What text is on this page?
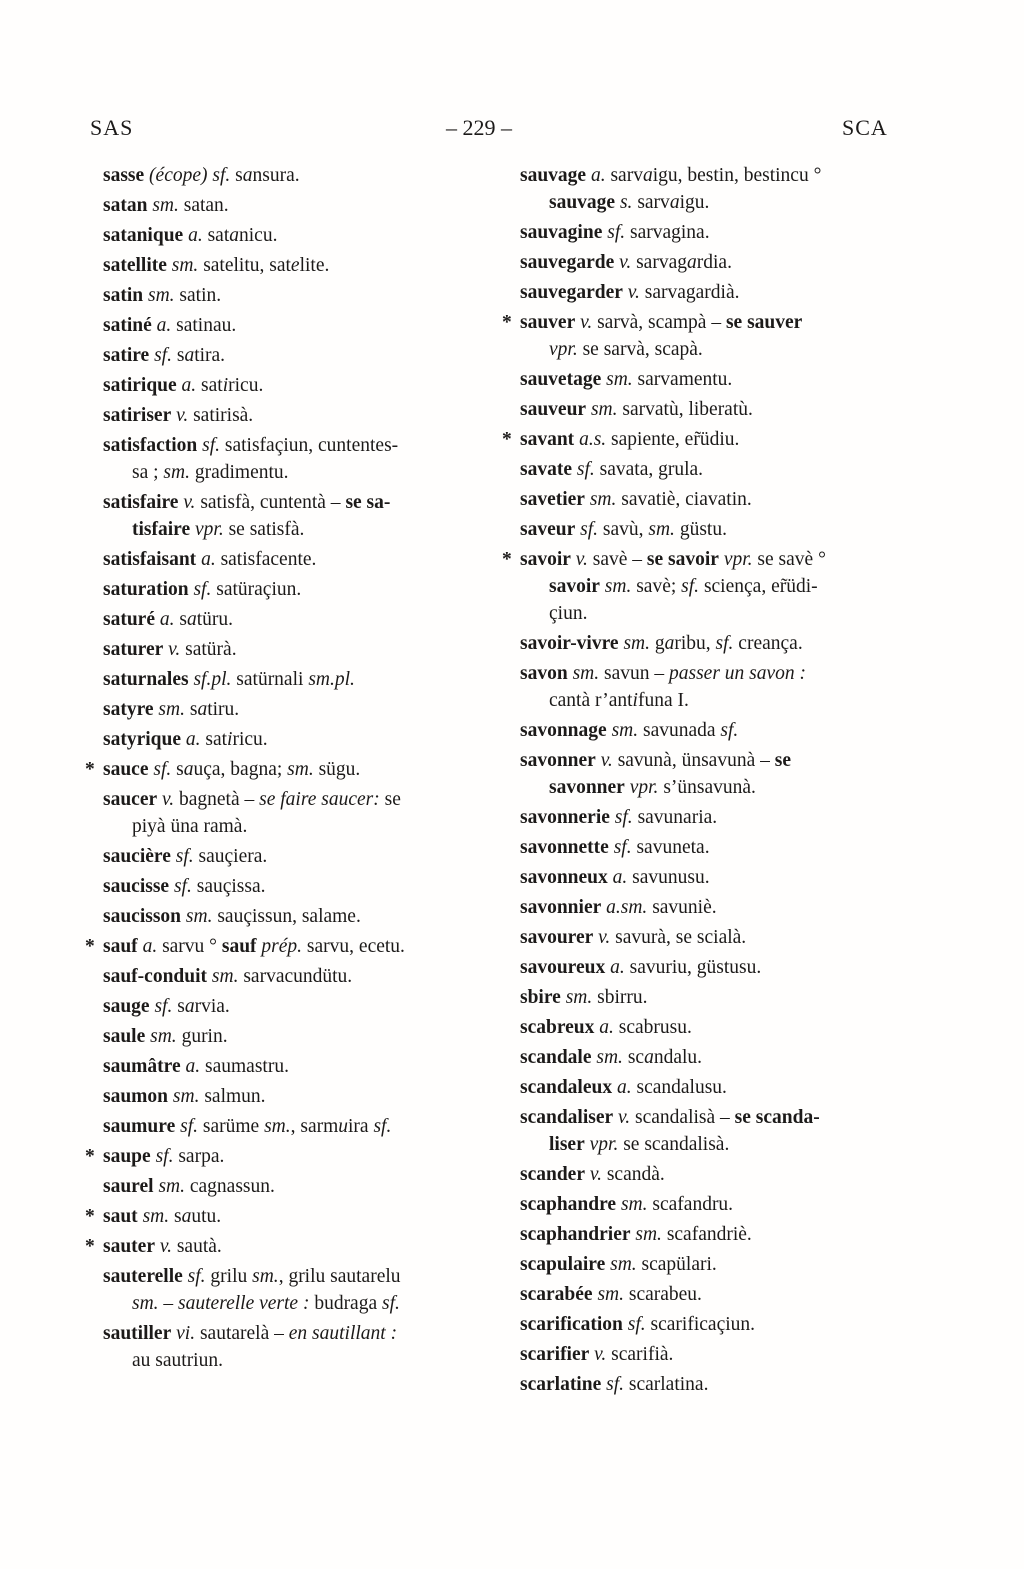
SAS	– 229 –	SCA
sasse (écope) sf. sansura.
satan sm. satan.
satanique a. satanicu.
satellite sm. satelitu, satelite.
satin sm. satin.
satiné a. satinau.
satire sf. satira.
satirique a. satiricu.
satiriser v. satirisà.
satisfaction sf. satisfaçiun, cuntentes-
sa ; sm. gradimentu.
satisfaire v. satisfà, cuntentà – se sa-
tisfaire vpr. se satisfà.
satisfaisant a. satisfacente.
saturation sf. satüraçiun.
saturé a. satüru.
saturer v. satürà.
saturnales sf.pl. satürnali sm.pl.
satyre sm. satiru.
satyrique a. satiricu.
* sauce sf. sauça, bagna; sm. sügu.
saucer v. bagnetà – se faire saucer: se
piyà üna ramà.
saucière sf. sauçiera.
saucisse sf. sauçissa.
saucisson sm. sauçissun, salame.
* sauf a. sarvu ° sauf prép. sarvu, ecetu.
sauf-conduit sm. sarvacundütu.
sauge sf. sarvia.
saule sm. gurin.
saumâtre a. saumastru.
saumon sm. salmun.
saumure sf. sarüme sm., sarmuira sf.
* saupe sf. sarpa.
saurel sm. cagnassun.
* saut sm. sautu.
* sauter v. sautà.
sauterelle sf. grilu sm., grilu sautarelu
sm. – sauterelle verte : budraga sf.
sautiller vi. sautarelà – en sautillant :
au sautriun.
sauvage a. sarvaigu, bestin, bestincu °
sauvage s. sarvaigu.
sauvagine sf. sarvagina.
sauvegarde v. sarvagardia.
sauvegarder v. sarvagardià.
* sauver v. sarvà, scampà – se sauver
vpr. se sarvà, scapà.
sauvetage sm. sarvamentu.
sauveur sm. sarvatù, liberatù.
* savant a.s. sapiente, er̃üdiu.
savate sf. savata, grula.
savetier sm. savatiè, ciavatin.
saveur sf. savù, sm. güstu.
* savoir v. savè – se savoir vpr. se savè °
savoir sm. savè; sf. sciença, er̃üdi-
çiun.
savoir-vivre sm. garibu, sf. creança.
savon sm. savun – passer un savon :
cantà r’antifuna I.
savonnage sm. savunada sf.
savonner v. savunà, ünsavunà – se
savonner vpr. s’ünsavunà.
savonnerie sf. savunaria.
savonnette sf. savuneta.
savonneux a. savunusu.
savonnier a.sm. savuniè.
savourer v. savurà, se scialà.
savoureux a. savuriu, güstusu.
sbire sm. sbirru.
scabreux a. scabrusu.
scandale sm. scandalu.
scandaleux a. scandalusu.
scandaliser v. scandalisà – se scanda-
liser vpr. se scandalisà.
scander v. scandà.
scaphandre sm. scafandru.
scaphandrier sm. scafandriè.
scapulaire sm. scapülari.
scarabée sm. scarabeu.
scarification sf. scarificaçiun.
scarifier v. scarifià.
scarlatine sf. scarlatina.
